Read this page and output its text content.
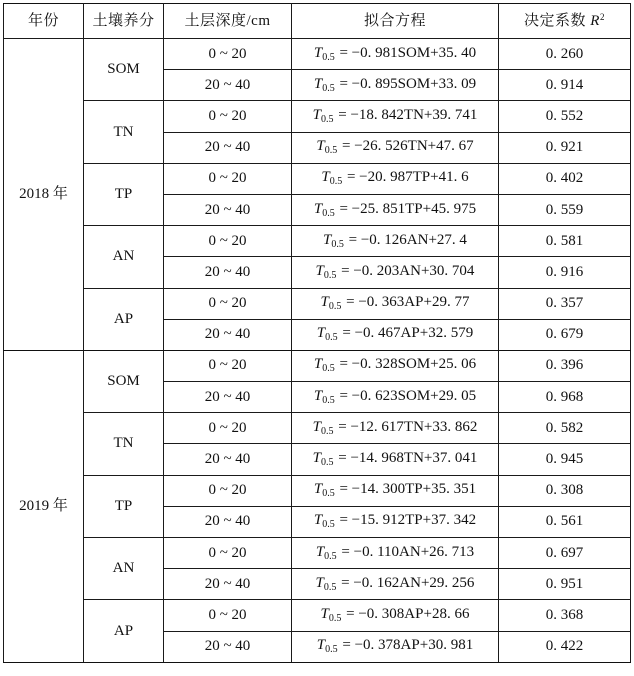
年份	土壤养分	土层深度/cm	拟合方程	决定系数 $R^2$
2018 年	SOM	0 ~ 20	$T_{0.5} = -0$. 981SOM+35. 40	0. 260
		20 ~ 40	$T_{0.5} = -0$. 895SOM+33. 09	0. 914
	TN	0 ~ 20	$T_{0.5} = -18$. 842TN+39. 741	0. 552
		20 ~ 40	$T_{0.5} = -26$. 526TN+47. 67	0. 921
	TP	0 ~ 20	$T_{0.5} = -20$. 987TP+41. 6	0. 402
		20 ~ 40	$T_{0.5} = -25$. 851TP+45. 975	0. 559
	AN	0 ~ 20	$T_{0.5} = -0$. 126AN+27. 4	0. 581
		20 ~ 40	$T_{0.5} = -0$. 203AN+30. 704	0. 916
	AP	0 ~ 20	$T_{0.5} = -0$. 363AP+29. 77	0. 357
		20 ~ 40	$T_{0.5} = -0$. 467AP+32. 579	0. 679
2019 年	SOM	0 ~ 20	$T_{0.5} = -0$. 328SOM+25. 06	0. 396
		20 ~ 40	$T_{0.5} = -0$. 623SOM+29. 05	0. 968
	TN	0 ~ 20	$T_{0.5} = -12$. 617TN+33. 862	0. 582
		20 ~ 40	$T_{0.5} = -14$. 968TN+37. 041	0. 945
	TP	0 ~ 20	$T_{0.5} = -14$. 300TP+35. 351	0. 308
		20 ~ 40	$T_{0.5} = -15$. 912TP+37. 342	0. 561
	AN	0 ~ 20	$T_{0.5} = -0$. 110AN+26. 713	0. 697
		20 ~ 40	$T_{0.5} = -0$. 162AN+29. 256	0. 951
	AP	0 ~ 20	$T_{0.5} = -0$. 308AP+28. 66	0. 368
		20 ~ 40	$T_{0.5} = -0$. 378AP+30. 981	0. 422
